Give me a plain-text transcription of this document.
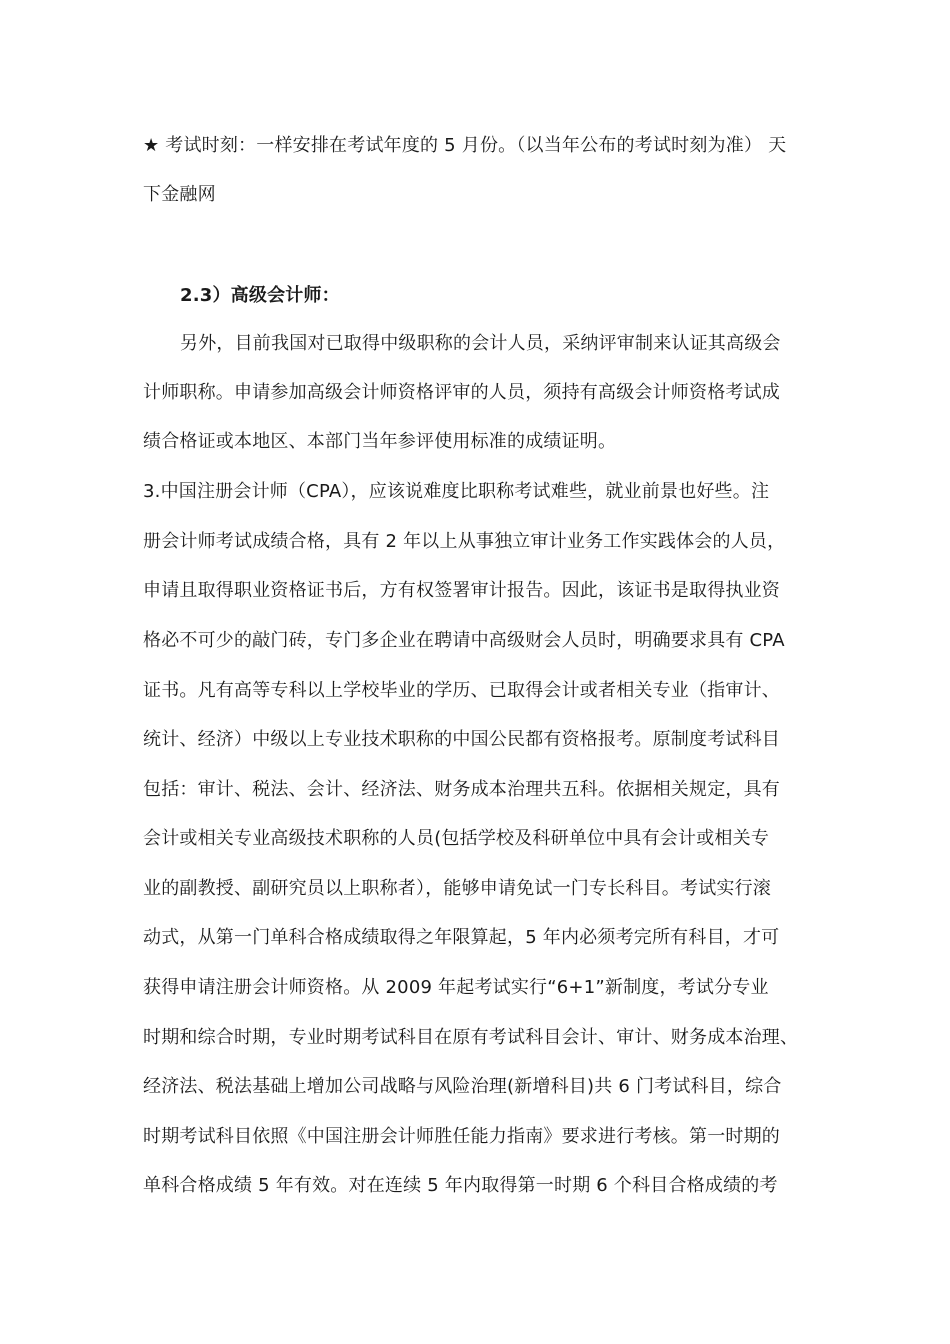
★ 考试时刻：一样安排在考试年度的 5 月份。（以当年公布的考试时刻为准） 天
下金融网
2.3）高级会计师：
另外，目前我国对已取得中级职称的会计人员，采纳评审制来认证其高级会
计师职称。申请参加高级会计师资格评审的人员，须持有高级会计师资格考试成
绩合格证或本地区、本部门当年参评使用标准的成绩证明。
3.中国注册会计师（CPA），应该说难度比职称考试难些，就业前景也好些。注
册会计师考试成绩合格，具有 2 年以上从事独立审计业务工作实践体会的人员，
申请且取得职业资格证书后，方有权签署审计报告。因此，该证书是取得执业资
格必不可少的敲门砖，专门多企业在聘请中高级财会人员时，明确要求具有 CPA
证书。凡有高等专科以上学校毕业的学历、已取得会计或者相关专业（指审计、
统计、经济）中级以上专业技术职称的中国公民都有资格报考。原制度考试科目
包括：审计、税法、会计、经济法、财务成本治理共五科。依据相关规定，具有
会计或相关专业高级技术职称的人员(包括学校及科研单位中具有会计或相关专
业的副教授、副研究员以上职称者），能够申请免试一门专长科目。考试实行滚
动式，从第一门单科合格成绩取得之年限算起，5 年内必须考完所有科目，才可
获得申请注册会计师资格。从 2009 年起考试实行“6+1”新制度，考试分专业
时期和综合时期，专业时期考试科目在原有考试科目会计、审计、财务成本治理、
经济法、税法基础上增加公司战略与风险治理(新增科目)共 6 门考试科目，综合
时期考试科目依照《中国注册会计师胜任能力指南》要求进行考核。第一时期的
单科合格成绩 5 年有效。对在连续 5 年内取得第一时期 6 个科目合格成绩的考
